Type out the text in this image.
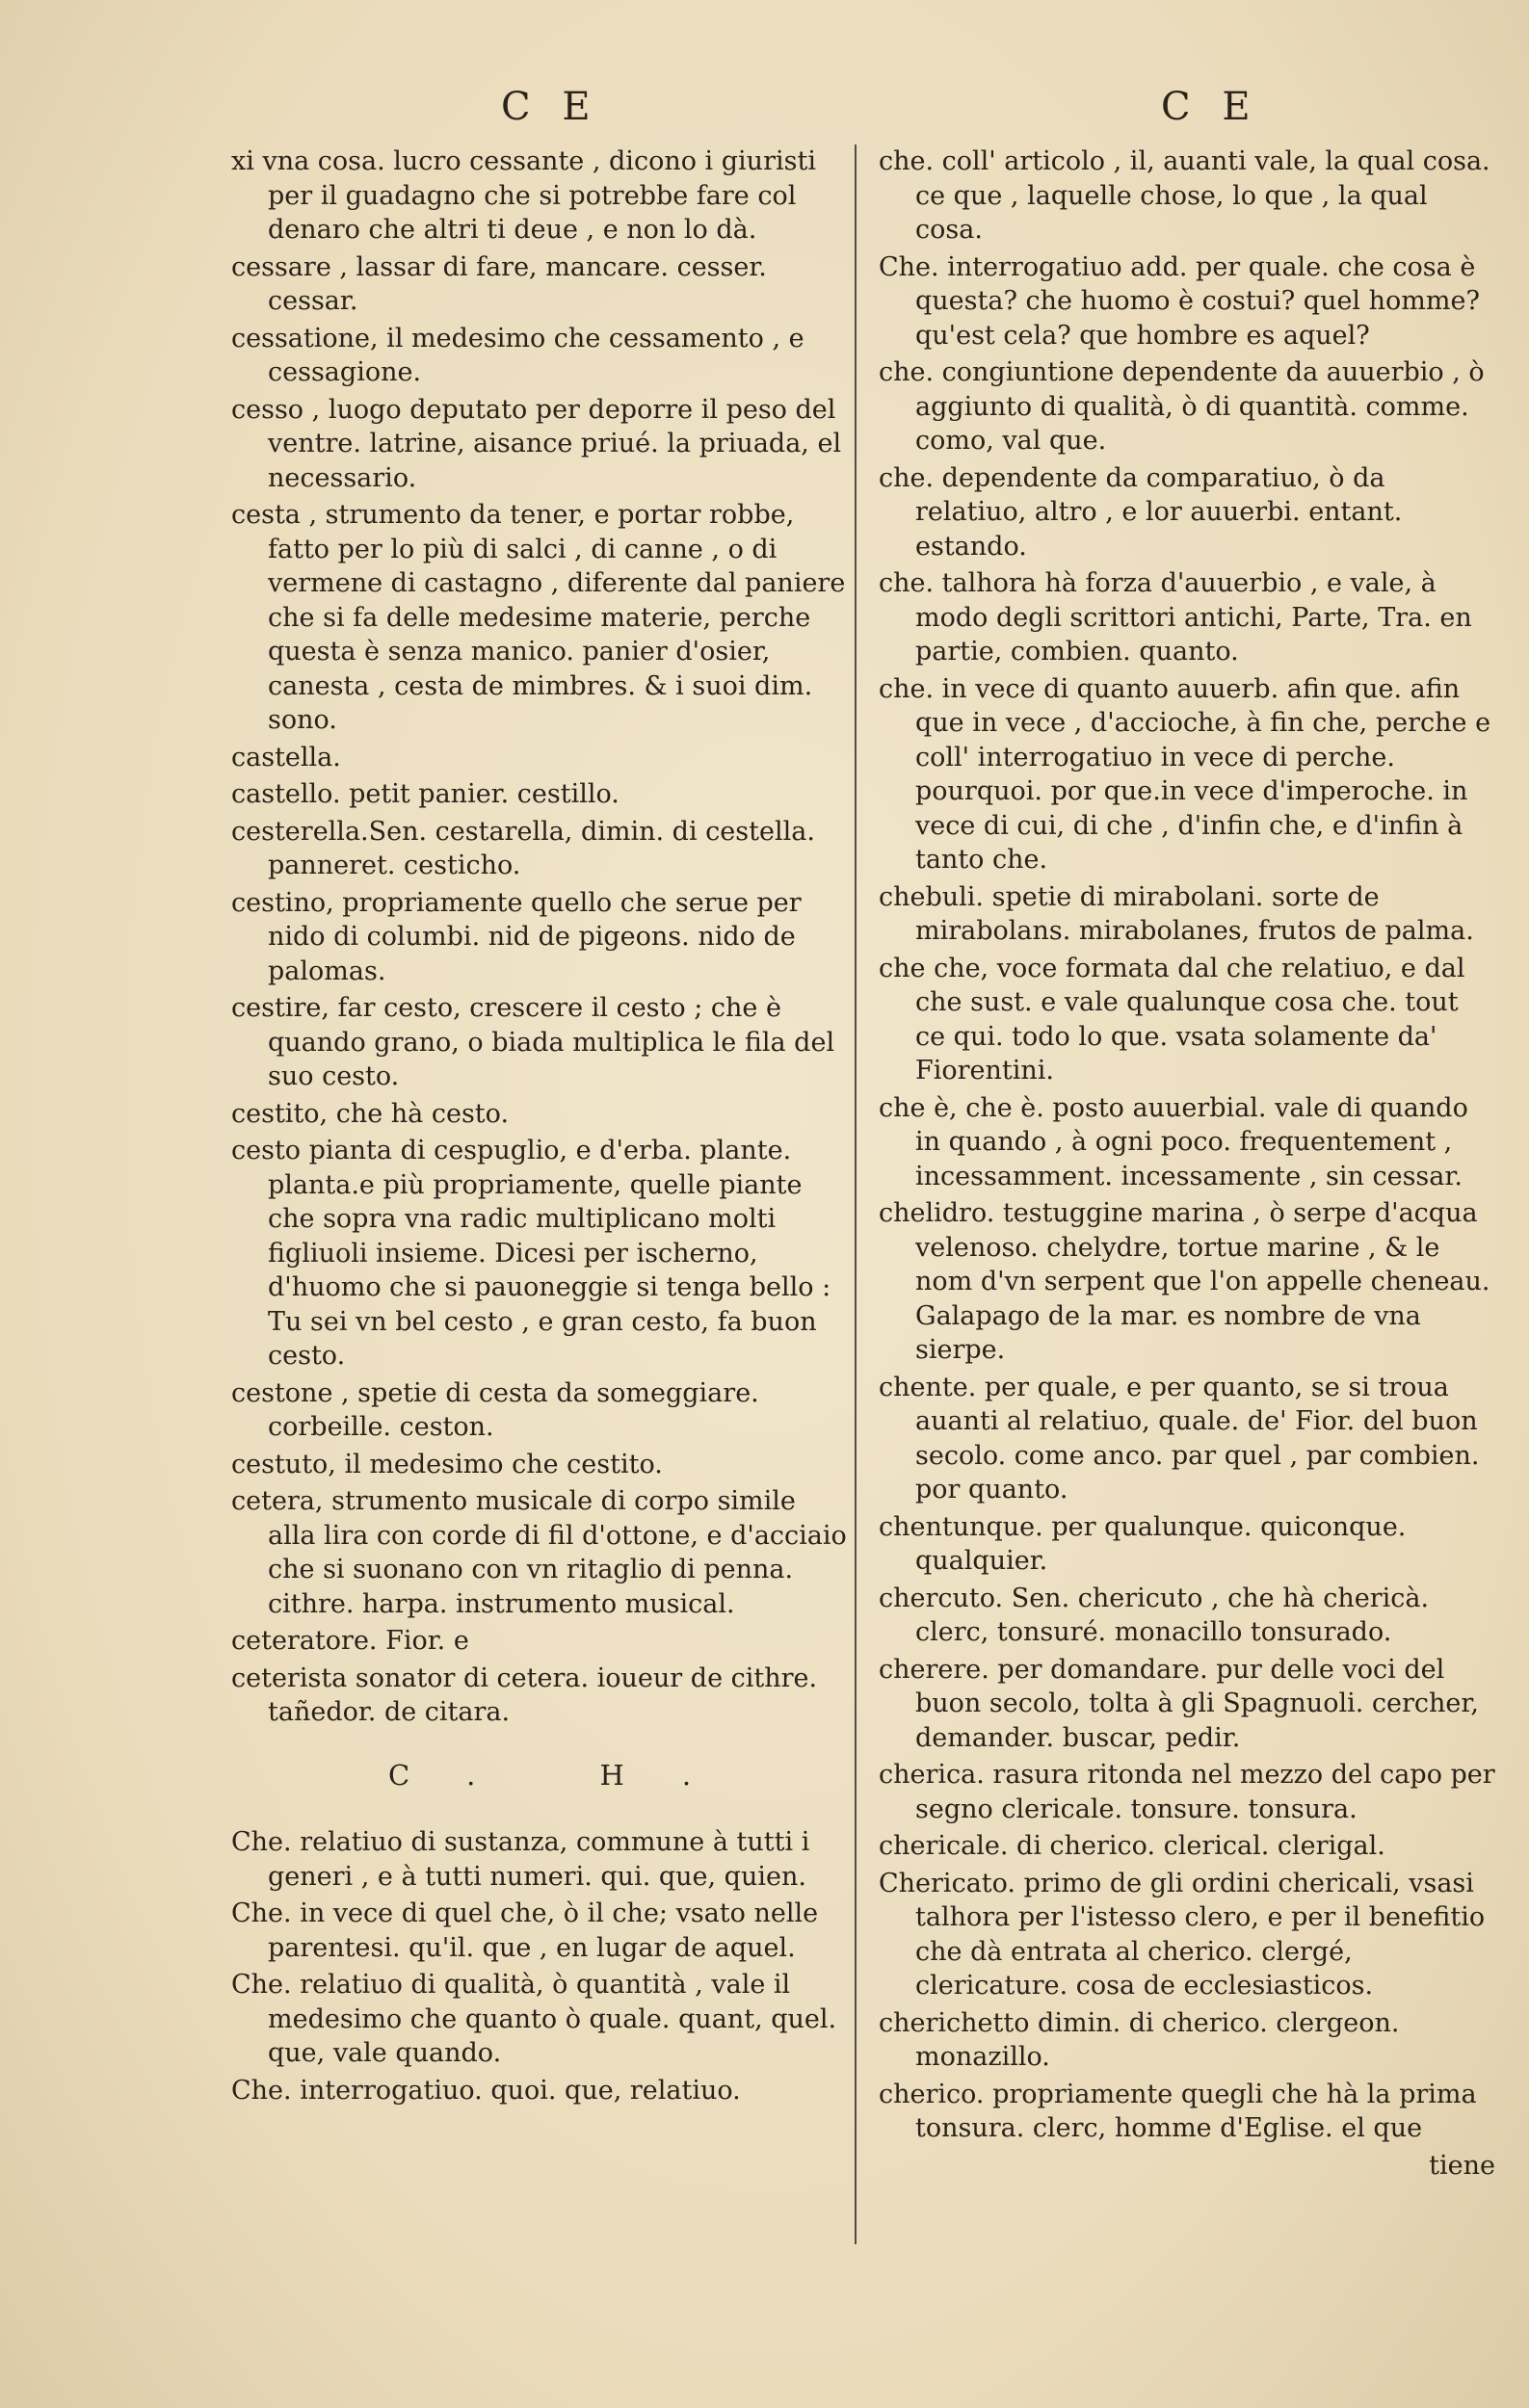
C E	C E

xi vna cosa. lucro cessante , dicono i giuristi per il guadagno che si potrebbe fare col denaro che altri ti deue , e non lo dà.

cessare , lassar di fare, mancare. cesser. cessar.

cessatione, il medesimo che cessamento , e cessagione.

cesso , luogo deputato per deporre il peso del ventre. latrine, aisance priué. la priuada, el necessario.

cesta , strumento da tener, e portar robbe, fatto per lo più di salci , di canne , o di vermene di castagno , diferente dal paniere che si fa delle medesime materie, perche questa è senza manico. panier d'osier, canesta , cesta de mimbres. & i suoi dim. sono.

castella.

castello. petit panier. cestillo.

cesterella.Sen. cestarella, dimin. di cestella. panneret. cesticho.

cestino, propriamente quello che serue per nido di columbi. nid de pigeons. nido de palomas.

cestire, far cesto, crescere il cesto ; che è quando grano, o biada multiplica le fila del suo cesto.

cestito, che hà cesto.

cesto pianta di cespuglio, e d'erba. plante. planta.e più propriamente, quelle piante che sopra vna radic multiplicano molti figliuoli insieme. Dicesi per ischerno, d'huomo che si pauoneggie si tenga bello : Tu sei vn bel cesto , e gran cesto, fa buon cesto.

cestone , spetie di cesta da someggiare. corbeille. ceston.

cestuto, il medesimo che cestito.

cetera, strumento musicale di corpo simile alla lira con corde di fil d'ottone, e d'acciaio che si suonano con vn ritaglio di penna. cithre. harpa. instrumento musical.

ceteratore. Fior. e

ceterista sonator di cetera. ioueur de cithre. tañedor. de citara.

C. H.

Che. relatiuo di sustanza, commune à tutti i generi , e à tutti numeri. qui. que, quien.

Che. in vece di quel che, ò il che; vsato nelle parentesi. qu'il. que , en lugar de aquel.

Che. relatiuo di qualità, ò quantità , vale il medesimo che quanto ò quale. quant, quel. que, vale quando.

Che. interrogatiuo. quoi. que, relatiuo.

che. coll' articolo , il, auanti vale, la qual cosa. ce que , laquelle chose, lo que , la qual cosa.

Che. interrogatiuo add. per quale. che cosa è questa? che huomo è costui? quel homme? qu'est cela? que hombre es aquel?

che. congiuntione dependente da auuerbio , ò aggiunto di qualità, ò di quantità. comme. como, val que.

che. dependente da comparatiuo, ò da relatiuo, altro , e lor auuerbi. entant. estando.

che. talhora hà forza d'auuerbio , e vale, à modo degli scrittori antichi, Parte, Tra. en partie, combien. quanto.

che. in vece di quanto auuerb. afin que. afin que in vece , d'accioche, à fin che, perche e coll' interrogatiuo in vece di perche. pourquoi. por que.in vece d'imperoche. in vece di cui, di che , d'infin che, e d'infin à tanto che.

chebuli. spetie di mirabolani. sorte de mirabolans. mirabolanes, frutos de palma.

che che, voce formata dal che relatiuo, e dal che sust. e vale qualunque cosa che. tout ce qui. todo lo que. vsata solamente da' Fiorentini.

che è, che è. posto auuerbial. vale di quando in quando , à ogni poco. frequentement , incessamment. incessamente , sin cessar.

chelidro. testuggine marina , ò serpe d'acqua velenoso. chelydre, tortue marine , & le nom d'vn serpent que l'on appelle cheneau. Galapago de la mar. es nombre de vna sierpe.

chente. per quale, e per quanto, se si troua auanti al relatiuo, quale. de' Fior. del buon secolo. come anco. par quel , par combien. por quanto.

chentunque. per qualunque. quiconque. qualquier.

chercuto. Sen. chericuto , che hà chericà. clerc, tonsuré. monacillo tonsurado.

cherere. per domandare. pur delle voci del buon secolo, tolta à gli Spagnuoli. cercher, demander. buscar, pedir.

cherica. rasura ritonda nel mezzo del capo per segno clericale. tonsure. tonsura.

chericale. di cherico. clerical. clerigal.

Chericato. primo de gli ordini chericali, vsasi talhora per l'istesso clero, e per il benefitio che dà entrata al cherico. clergé, clericature. cosa de ecclesiasticos.

cherichetto dimin. di cherico. clergeon. monazillo.

cherico. propriamente quegli che hà la prima tonsura. clerc, homme d'Eglise. el que

tiene
